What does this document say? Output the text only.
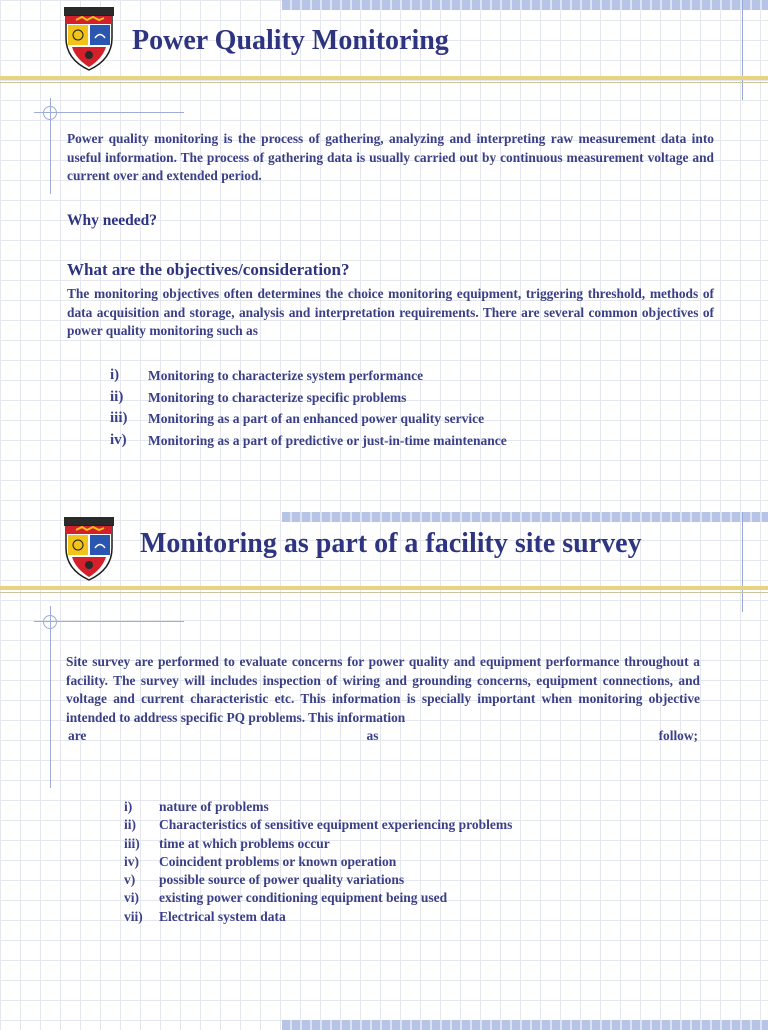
Power Quality Monitoring

Power quality monitoring is the process of gathering, analyzing and interpreting raw measurement data into useful information. The process of gathering data is usually carried out by continuous measurement voltage and current over and extended period.

Why needed?

What are the objectives/consideration?

The monitoring objectives often determines the choice monitoring equipment, triggering threshold, methods of data acquisition and storage, analysis and interpretation requirements. There are several common objectives of power quality monitoring such as

i)	Monitoring to characterize system performance
ii)	Monitoring to characterize specific problems
iii)	Monitoring as a part of an enhanced power quality service
iv)	Monitoring as a part of predictive or just-in-time maintenance
Monitoring as part of a facility site survey

Site survey are performed to evaluate concerns for power quality and equipment performance throughout a facility. The survey will includes inspection of wiring and grounding concerns, equipment connections, and voltage and current characteristic etc. This information is specially important when monitoring objective intended to address specific PQ problems. This information

are	as	follow;
i)	nature of problems
ii)	Characteristics of sensitive equipment experiencing problems
iii)	time at which problems occur
iv)	Coincident problems or known operation
v)	possible source of power quality variations
vi)	existing power conditioning equipment being used
vii)	Electrical system data
